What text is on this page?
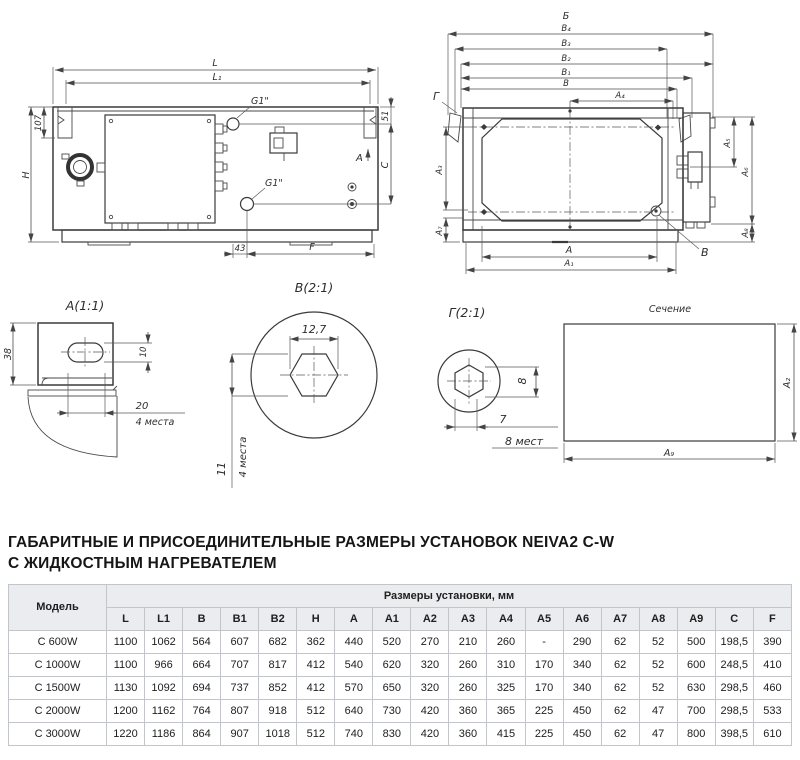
G1"
G1"
L
L₁
H
107	51
C
A
43	F
Б
В₄
В₃
В₂
В₁
В
А₄
Г
А₃
А₇
А₅
А₆
А₈
А
А₁
В
А(1:1)
38	10
20
4 места
В(2:1)
12,7
11 4 места
Г(2:1)
8
7
8 мест
Сечение
А₂
А₉
ГАБАРИТНЫЕ И ПРИСОЕДИНИТЕЛЬНЫЕ РАЗМЕРЫ УСТАНОВОК NEIVA2 C-W
С ЖИДКОСТНЫМ НАГРЕВАТЕЛЕМ
Модель	Размеры установки, мм																	
	L	L1	B	B1	B2	H	A	A1	A2	A3	A4	A5	A6	A7	A8	A9	C	F
C 600W	1100	1062	564	607	682	362	440	520	270	210	260	-	290	62	52	500	198,5	390
C 1000W	1100	966	664	707	817	412	540	620	320	260	310	170	340	62	52	600	248,5	410
C 1500W	1130	1092	694	737	852	412	570	650	320	260	325	170	340	62	52	630	298,5	460
C 2000W	1200	1162	764	807	918	512	640	730	420	360	365	225	450	62	47	700	298,5	533
C 3000W	1220	1186	864	907	1018	512	740	830	420	360	415	225	450	62	47	800	398,5	610
